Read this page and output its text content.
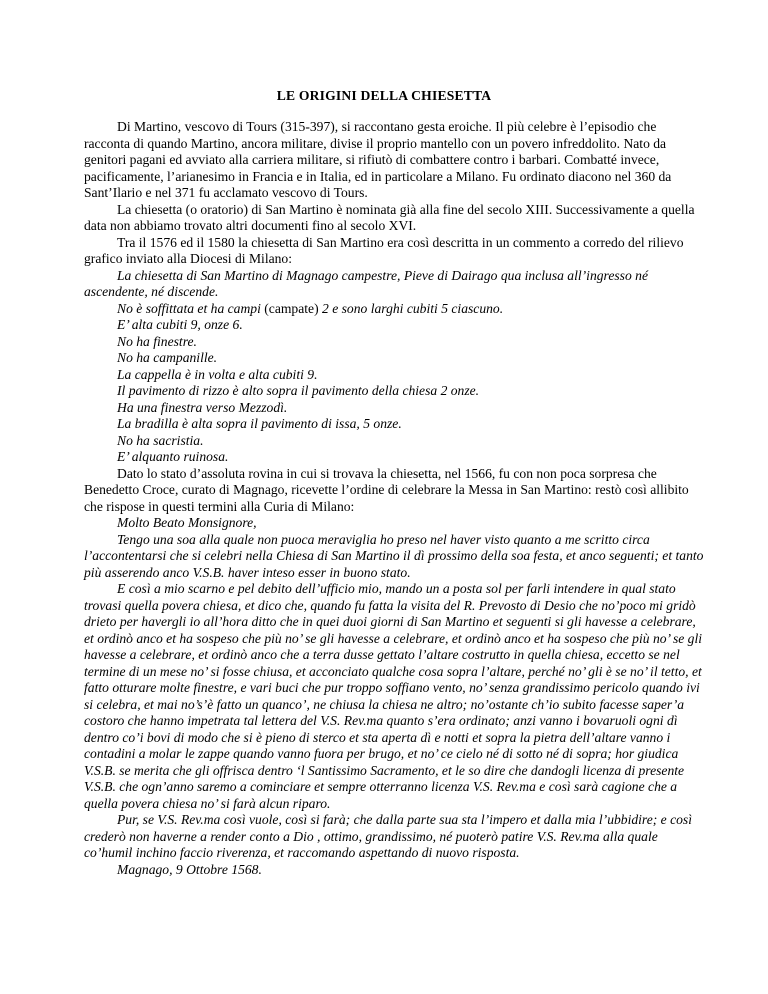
LE ORIGINI DELLA CHIESETTA

Di Martino, vescovo di Tours (315-397), si raccontano gesta eroiche. Il più celebre è l’episodio che racconta di quando Martino, ancora militare, divise il proprio mantello con un povero infreddolito. Nato da genitori pagani ed avviato alla carriera militare, si rifiutò di combattere contro i barbari. Combatté invece, pacificamente, l’arianesimo in Francia e in Italia, ed in particolare a Milano. Fu ordinato diacono nel 360 da Sant’Ilario e nel 371 fu acclamato vescovo di Tours.

La chiesetta (o oratorio) di San Martino è nominata già alla fine del secolo XIII. Successivamente a quella data non abbiamo trovato altri documenti fino al secolo XVI.

Tra il 1576 ed il 1580 la chiesetta di San Martino era così descritta in un commento a corredo del rilievo grafico inviato alla Diocesi di Milano:

La chiesetta di San Martino di Magnago campestre, Pieve di Dairago qua inclusa all’ingresso né ascendente, né discende.

No è soffittata et ha campi (campate) 2 e sono larghi cubiti 5 ciascuno.

E’ alta cubiti 9, onze 6.

No ha finestre.

No ha campanille.

La cappella è in volta e alta cubiti 9.

Il pavimento di rizzo è alto sopra il pavimento della chiesa 2 onze.

Ha una finestra verso Mezzodì.

La bradilla è alta sopra il pavimento di issa, 5 onze.

No ha sacristia.

E’ alquanto ruinosa.

Dato lo stato d’assoluta rovina in cui si trovava la chiesetta, nel 1566, fu con non poca sorpresa che Benedetto Croce, curato di Magnago, ricevette l’ordine di celebrare la Messa in San Martino: restò così allibito che rispose in questi termini alla Curia di Milano:

Molto Beato Monsignore,

Tengo una soa alla quale non puoca meraviglia ho preso nel haver visto quanto a me scritto circa l’accontentarsi che si celebri nella Chiesa di San Martino il dì prossimo della soa festa, et anco seguenti; et tanto più asserendo anco V.S.B. haver inteso esser in buono stato.

E così a mio scarno e pel debito dell’ufficio mio, mando un a posta sol per farli intendere in qual stato trovasi quella povera chiesa, et dico che, quando fu fatta la visita del R. Prevosto di Desio che no’poco mi gridò drieto per havergli io all’hora ditto che in quei duoi giorni di San Martino et seguenti si gli havesse a celebrare, et ordinò anco et ha sospeso che più no’ se gli havesse a celebrare, et ordinò anco et ha sospeso che più no’ se gli havesse a celebrare, et ordinò anco che a terra dusse gettato l’altare costrutto in quella chiesa, eccetto se nel termine di un mese no’ si fosse chiusa, et acconciato qualche cosa sopra l’altare, perché no’ gli è se no’ il tetto, et fatto otturare molte finestre, e vari buci che pur troppo soffiano vento, no’ senza grandissimo pericolo quando ivi si celebra, et mai no’s’è fatto un quanco’, ne chiusa la chiesa ne altro; no’ostante ch’io subito facesse saper’a costoro che hanno impetrata tal lettera del V.S. Rev.ma quanto s’era ordinato; anzi vanno i bovaruoli ogni dì dentro co’i bovi di modo che si è pieno di sterco et sta aperta dì e notti et sopra la pietra dell’altare vanno i contadini a molar le zappe quando vanno fuora per brugo, et no’ ce cielo né di sotto né di sopra; hor giudica V.S.B. se merita che gli offrisca dentro ‘l Santissimo Sacramento, et le so dire che dandogli licenza di presente V.S.B. che ogn’anno saremo a cominciare et sempre otterranno licenza V.S. Rev.ma e così sarà cagione che a quella povera chiesa no’ si farà alcun riparo.

Pur, se V.S. Rev.ma così vuole, così si farà; che dalla parte sua sta l’impero et dalla mia l’ubbidire; e così crederò non haverne a render conto a Dio , ottimo, grandissimo, né puoterò patire V.S. Rev.ma alla quale co’humil inchino faccio riverenza, et raccomando aspettando di nuovo risposta.

Magnago, 9 Ottobre 1568.
